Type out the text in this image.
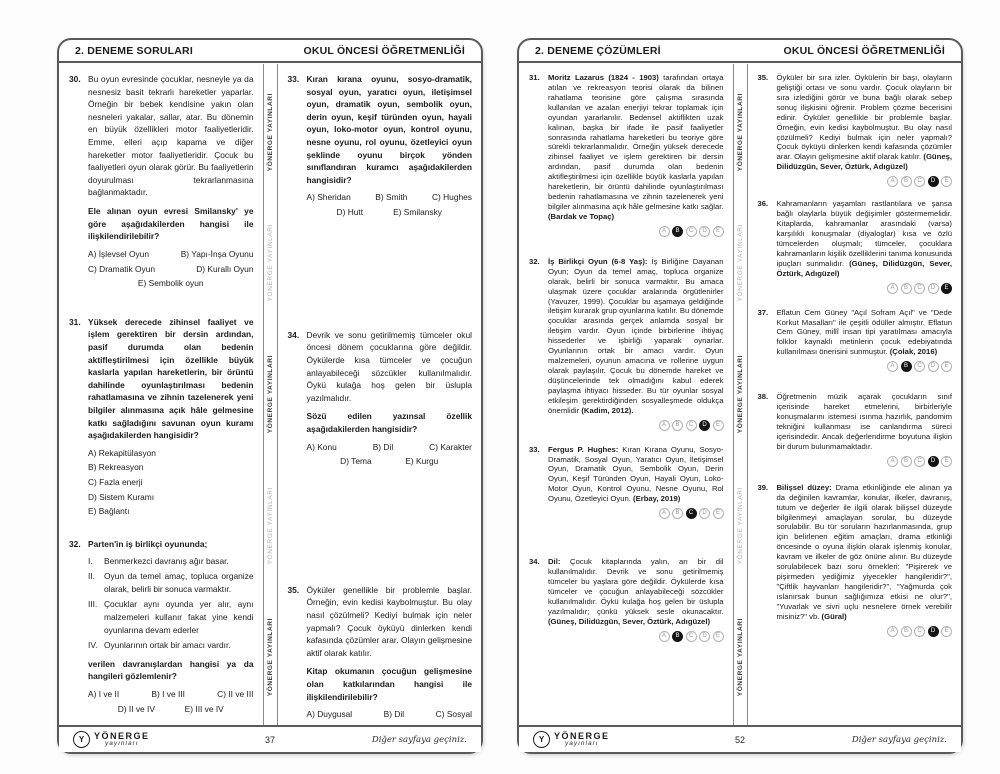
2. DENEME SORULARI	OKUL ÖNCESİ ÖĞRETMENLİĞİ
30. Bu oyun evresinde çocuklar, nesneyle ya da nesnesiz basit tekrarlı hareketler yaparlar. Örneğin bir bebek kendisine yakın olan nesneleri yakalar, sallar, atar. Bu dönemin en büyük özellikleri motor faaliyetleridir. Emme, elleri açıp kapama ve diğer hareketler motor faaliyetleridir. Çocuk bu faaliyetleri oyun olarak görür. Bu faaliyetlerin doyurulması tekrarlanmasına bağlanmaktadır.
Ele alınan oyun evresi Smilansky' ye göre aşağıdakilerden hangisi ile ilişkilendirilebilir?
A) İşlevsel Oyun	B) Yapı-İnşa Oyunu
C) Dramatik Oyun	D) Kurallı Oyun
E) Sembolik oyun
31. Yüksek derecede zihinsel faaliyet ve işlem gerektiren bir dersin ardından, pasif durumda olan bedenin aktifleştirilmesi için özellikle büyük kaslarla yapılan hareketlerin, bir örüntü dahilinde oyunlaştırılması bedenin rahatlamasına ve zihnin tazelenerek yeni bilgiler alınmasına açık hâle gelmesine katkı sağladığını savunan oyun kuramı aşağıdakilerden hangisidir?
A) Rekapitülasyon
B) Rekreasyon
C) Fazla enerji
D) Sistem Kuramı
E) Bağlantı
32. Parten'in iş birlikçi oyununda;
I.	Benmerkezci davranış ağır basar.
II.	Oyun da temel amaç, topluca organize olarak, belirli bir sonuca varmaktır.
III. Çocuklar aynı oyunda yer alır, aynı malzemeleri kullanır fakat yine kendi oyunlarına devam ederler
IV. Oyunlarının ortak bir amacı vardır.
verilen davranışlardan hangisi ya da hangileri gözlemlenir?
A) I ve II	B) I ve III	C) II ve III
D) II ve IV	E) III ve IV
YÖNERGE YAYINLARI
YÖNERGE YAYINLARI
YÖNERGE YAYINLARI
YÖNERGE YAYINLARI
YÖNERGE YAYINLARI
33. Kıran kırana oyunu, sosyo-dramatik, sosyal oyun, yaratıcı oyun, iletişimsel oyun, dramatik oyun, sembolik oyun, derin oyun, keşif türünden oyun, hayali oyun, loko-motor oyun, kontrol oyunu, nesne oyunu, rol oyunu, özetleyici oyun şeklinde oyunu birçok yönden sınıflandıran kuramcı aşağıdakilerden hangisidir?
A) Sheridan	B) Smith	C) Hughes
D) Hutt	E) Smilansky
34. Devrik ve sonu getirilmemiş tümceler okul öncesi dönem çocuklarına göre değildir. Öykülerde kısa tümceler ve çocuğun anlayabileceği sözcükler kullanılmalıdır. Öykü kulağa hoş gelen bir üslupla yazılmalıdır.
Sözü edilen yazınsal özellik aşağıdakilerden hangisidir?
A) Konu	B) Dil	C) Karakter
D) Tema	E) Kurgu
35. Öyküler genellikle bir problemle başlar. Örneğin, evin kedisi kaybolmuştur. Bu olay nasıl çözülmeli? Kediyi bulmak için neler yapmalı? Çocuk öyküyü dinlerken kendi kafasında çözümler arar. Olayın gelişmesine aktif olarak katılır.
Kitap okumanın çocuğun gelişmesine olan katkılarından hangisi ile ilişkilendirilebilir?
A) Duygusal	B) Dil	C) Sosyal
37
Y	YÖNERGE
yayınları	Diğer sayfaya geçiniz.
2. DENEME ÇÖZÜMLERİ	OKUL ÖNCESİ ÖĞRETMENLİĞİ
31.	Moritz Lazarus (1824 - 1903) tarafından ortaya atılan ve rekreasyon teorisi olarak da bilinen rahatlama teorisine göre çalışma sırasında kullanılan ve azalan enerjiyi tekrar toplamak için oyundan yararlanılır. Bedensel aktiflikten uzak kalınan, başka bir ifade ile pasif faaliyetler sonrasında rahatlama hareketleri bu teoriye göre sürekli tekrarlanmalıdır. Örneğin yüksek derecede zihinsel faaliyet ve işlem gerektiren bir dersin ardından, pasif durumda olan bedenin aktifleştirilmesi için özellikle büyük kaslarla yapılan hareketlerin, bir örüntü dahilinde oyunlaştırılması bedenin rahatlamasına ve zihnin tazelenerek yeni bilgiler alınmasına açık hâle gelmesine katkı sağlar. (Bardak ve Topaç)
A B C D E
32.	İş Birlikçi Oyun (6-8 Yaş): İş Birliğine Dayanan Oyun; Oyun da temel amaç, topluca organize olarak, belirli bir sonuca varmaktır. Bu amaca ulaşmak üzere çocuklar aralarında örgütlenirler (Yavuzer, 1999). Çocuklar bu aşamaya geldiğinde iletişim kurarak grup oyunlarına katılır. Bu dönemde çocuklar arasında gerçek anlamda sosyal bir iletişim vardır. Oyun içinde birbirlerine ihtiyaç hissederler ve işbirliği yaparak oynarlar. Oyunlarının ortak bir amacı vardır. Oyun malzemeleri, oyunun amacına ve rollerine uygun olarak paylaşılır. Çocuk bu dönemde hareket ve düşüncelerinde tek olmadığını kabul ederek paylaşma ihtiyacı hisseder. Bu tür oyunlar sosyal etkileşim gerektirdiğinden sosyalleşmede oldukça önemlidir (Kadim, 2012).
A B C D E
33.	Fergus P. Hughes: Kıran Kırana Oyunu, Sosyo-Dramatik, Sosyal Oyun, Yaratıcı Oyun, İletişimsel Oyun, Dramatik Oyun, Sembolik Oyun, Derin Oyun, Keşif Türünden Oyun, Hayali Oyun, Loko-Motor Oyun, Kontrol Oyunu, Nesne Oyunu, Rol Oyunu, Özetleyici Oyun. (Erbay, 2019)
A B C D E
34.	Dil: Çocuk kitaplarında yalın, arı bir dil kullanılmalıdır. Devrik ve sonu getirilmemiş tümceler bu yaşlara göre değildir. Öykülerde kısa tümceler ve çocuğun anlayabileceği sözcükler kullanılmalıdır. Öykü kulağa hoş gelen bir üslupla yazılmalıdır; çünkü yüksek sesle okunacaktır. (Güneş, Dilidüzgün, Sever, Öztürk, Adıgüzel)
A B C D E
YÖNERGE YAYINLARI
YÖNERGE YAYINLARI
YÖNERGE YAYINLARI
YÖNERGE YAYINLARI
YÖNERGE YAYINLARI
35.	Öyküler bir sıra izler. Öykülerin bir başı, olayların geliştiği ortası ve sonu vardır. Çocuk olayların bir sıra izlediğini görür ve buna bağlı olarak sebep sonuç ilişkisini öğrenir. Problem çözme becerisini edinir. Öyküler genellikle bir problemle başlar. Örneğin, evin kedisi kaybolmuştur. Bu olay nasıl çözülmeli? Kediyi bulmak için neler yapmalı? Çocuk öyküyü dinlerken kendi kafasında çözümler arar. Olayın gelişmesine aktif olarak katılır. (Güneş, Dilidüzgün, Sever, Öztürk, Adıgüzel)
A B C D E
36.	Kahramanların yaşamları rastlantılara ve şansa bağlı olaylarla büyük değişimler göstermemelidir. Kitaplarda, kahramanlar arasındaki (varsa) karşılıklı konuşmalar (diyaloglar) kısa ve özlü tümcelerden oluşmalı; tümceler, çocuklara kahramanların kişilik özelliklerini tanıma konusunda ipuçları sunmalıdır. (Güneş, Dilidüzgün, Sever, Öztürk, Adıgüzel)
A B C D E
37.	Eflatun Cem Güney "Açıl Sofram Açıl" ve "Dede Korkut Masalları" ile çeşitli ödüller almıştır. Eflatun Cem Güney, millî insan tipi yaratılması amacıyla folklor kaynaklı metinlerin çocuk edebiyatında kullanılması önerisini sunmuştur. (Çolak, 2016)
A B C D E
38.	Öğretmenin müzik açarak çocukların sınıf içerisinde hareket etmelerini, birbirleriyle konuşmalarını istemesi ısınma hazırlık, pandomim tekniğini kullanması ise canlandırma süreci içerisindedir. Ancak değerlendirme boyutuna ilişkin bir durum bulunmamaktadır.
A B C D E
39.	Bilişsel düzey: Drama etkinliğinde ele alınan ya da değinilen kavramlar, konular, ilkeler, davranış, tutum ve değerler ile ilgili olarak bilişsel düzeyde bilgilenmeyi amaçlayan sorular, bu düzeyde sorulabilir. Bu tür soruların hazırlanmasında, grup için belirlenen eğitim amaçları, drama etkinliği öncesinde o oyuna ilişkin olarak işlenmiş konular, kavram ve ilkeler de göz önüne alınır. Bu düzeyde sorulabilecek bazı soru örnekleri: "Pişirerek ve pişirmeden yediğimiz yiyecekler hangileridir?", "Çiftlik hayvanları hangileridir?", "Yağmurda çok ıslanırsak bunun sağlığımıza etkisi ne olur?", "Yuvarlak ve sivri uçlu nesnelere örnek verebilir misiniz?" vb. (Güral)
A B C D E
52
Y	YÖNERGE
yayınları	Diğer sayfaya geçiniz.
